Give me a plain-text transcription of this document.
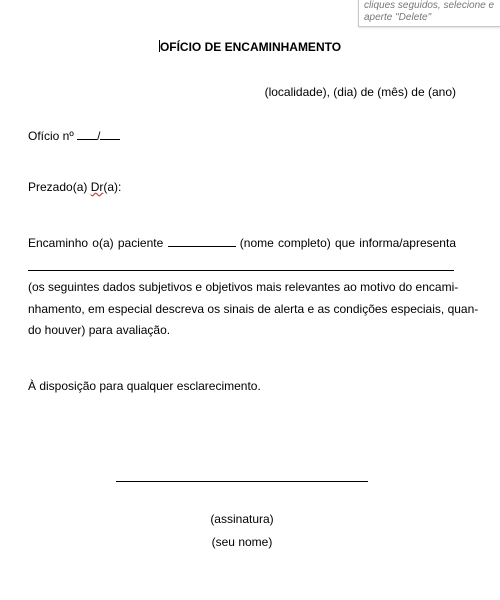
cliques seguidos, selecione e
aperte "Delete"
OFÍCIO DE ENCAMINHAMENTO
(localidade), (dia) de (mês) de (ano)
Ofício nº /
Prezado(a) Dr(a):
Encaminho o(a) paciente	(nome completo) que informa/apresenta
(os seguintes dados subjetivos e objetivos mais relevantes ao motivo do encami-
nhamento, em especial descreva os sinais de alerta e as condições especiais, quan-
do houver) para avaliação.
À disposição para qualquer esclarecimento.
(assinatura)
(seu nome)
